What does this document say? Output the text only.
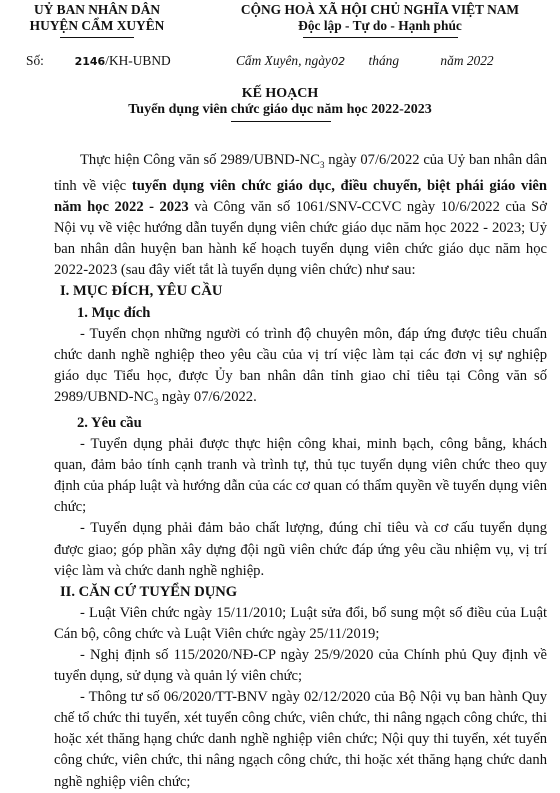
UỶ BAN NHÂN DÂN
HUYỆN CẨM XUYÊN
CỘNG HOÀ XÃ HỘI CHỦ NGHĨA VIỆT NAM
Độc lập - Tự do - Hạnh phúc
Số:	2146/KH-UBND	Cẩm Xuyên, ngày 02 tháng	năm 2022
KẾ HOẠCH
Tuyển dụng viên chức giáo dục năm học 2022-2023

Thực hiện Công văn số $2989/UBND-NC_3$ ngày 07/6/2022 của Uỷ ban nhân dân tỉnh về việc tuyển dụng viên chức giáo dục, điều chuyển, biệt phái giáo viên năm học 2022 - 2023 và Công văn số 1061/SNV-CCVC ngày 10/6/2022 của Sở Nội vụ về việc hướng dẫn tuyển dụng viên chức giáo dục năm học 2022 - 2023; Uỷ ban nhân dân huyện ban hành kế hoạch tuyển dụng viên chức giáo dục năm học 2022-2023 (sau đây viết tắt là tuyển dụng viên chức) như sau:

I. MỤC ĐÍCH, YÊU CẦU

1. Mục đích

- Tuyển chọn những người có trình độ chuyên môn, đáp ứng được tiêu chuẩn chức danh nghề nghiệp theo yêu cầu của vị trí việc làm tại các đơn vị sự nghiệp giáo dục Tiểu học, được Ủy ban nhân dân tỉnh giao chỉ tiêu tại Công văn số $2989/UBND-NC_3$ ngày 07/6/2022.

2. Yêu cầu

- Tuyển dụng phải được thực hiện công khai, minh bạch, công bằng, khách quan, đảm bảo tính cạnh tranh và trình tự, thủ tục tuyển dụng viên chức theo quy định của pháp luật và hướng dẫn của các cơ quan có thẩm quyền về tuyển dụng viên chức;

- Tuyển dụng phải đảm bảo chất lượng, đúng chỉ tiêu và cơ cấu tuyển dụng được giao; góp phần xây dựng đội ngũ viên chức đáp ứng yêu cầu nhiệm vụ, vị trí việc làm và chức danh nghề nghiệp.

II. CĂN CỨ TUYỂN DỤNG

- Luật Viên chức ngày 15/11/2010; Luật sửa đổi, bổ sung một số điều của Luật Cán bộ, công chức và Luật Viên chức ngày 25/11/2019;

- Nghị định số 115/2020/NĐ-CP ngày 25/9/2020 của Chính phủ Quy định về tuyển dụng, sử dụng và quản lý viên chức;

- Thông tư số 06/2020/TT-BNV ngày 02/12/2020 của Bộ Nội vụ ban hành Quy chế tổ chức thi tuyển, xét tuyển công chức, viên chức, thi nâng ngạch công chức, thi hoặc xét thăng hạng chức danh nghề nghiệp viên chức; Nội quy thi tuyển, xét tuyển công chức, viên chức, thi nâng ngạch công chức, thi hoặc xét thăng hạng chức danh nghề nghiệp viên chức;
